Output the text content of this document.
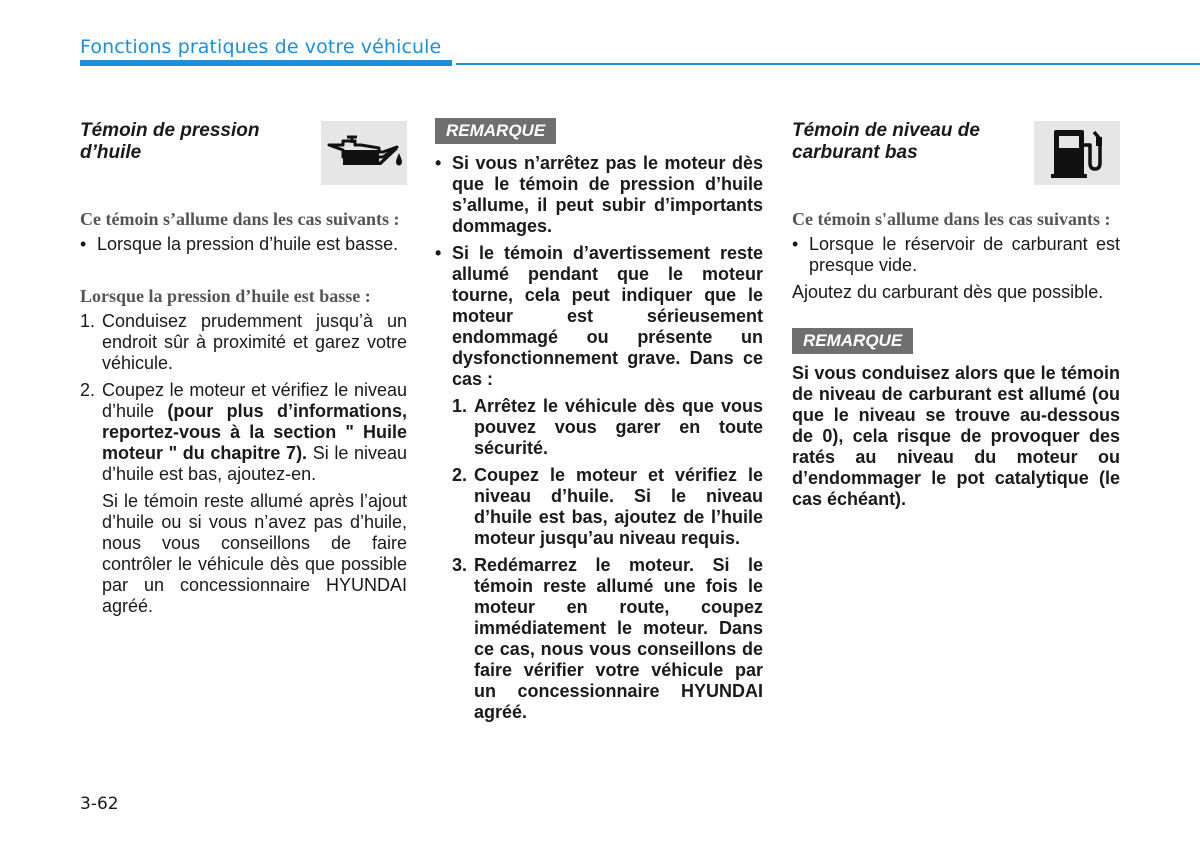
Fonctions pratiques de votre véhicule
Témoin de pression d’huile
Ce témoin s’allume dans les cas suivants :
• Lorsque la pression d’huile est basse.
Lorsque la pression d’huile est basse :
1. Conduisez prudemment jusqu’à un endroit sûr à proximité et garez votre véhicule.
2. Coupez le moteur et vérifiez le niveau d’huile (pour plus d’informations, reportez-vous à la section " Huile moteur " du chapitre 7). Si le niveau d’huile est bas, ajoutez-en.
Si le témoin reste allumé après l’ajout d’huile ou si vous n’avez pas d’huile, nous vous conseillons de faire contrôler le véhicule dès que possible par un concessionnaire HYUNDAI agréé.
REMARQUE
• Si vous n’arrêtez pas le moteur dès que le témoin de pression d’huile s’allume, il peut subir d’importants dommages.
• Si le témoin d’avertissement reste allumé pendant que le moteur tourne, cela peut indiquer que le moteur est sérieusement endommagé ou présente un dysfonctionnement grave. Dans ce cas :
1. Arrêtez le véhicule dès que vous pouvez vous garer en toute sécurité.
2. Coupez le moteur et vérifiez le niveau d’huile. Si le niveau d’huile est bas, ajoutez de l’huile moteur jusqu’au niveau requis.
3. Redémarrez le moteur. Si le témoin reste allumé une fois le moteur en route, coupez immédiatement le moteur. Dans ce cas, nous vous conseillons de faire vérifier votre véhicule par un concessionnaire HYUNDAI agréé.
Témoin de niveau de carburant bas
Ce témoin s'allume dans les cas suivants :
• Lorsque le réservoir de carburant est presque vide.
Ajoutez du carburant dès que possible.
REMARQUE
Si vous conduisez alors que le témoin de niveau de carburant est allumé (ou que le niveau se trouve au-dessous de 0), cela risque de provoquer des ratés au niveau du moteur ou d’endommager le pot catalytique (le cas échéant).
3-62
